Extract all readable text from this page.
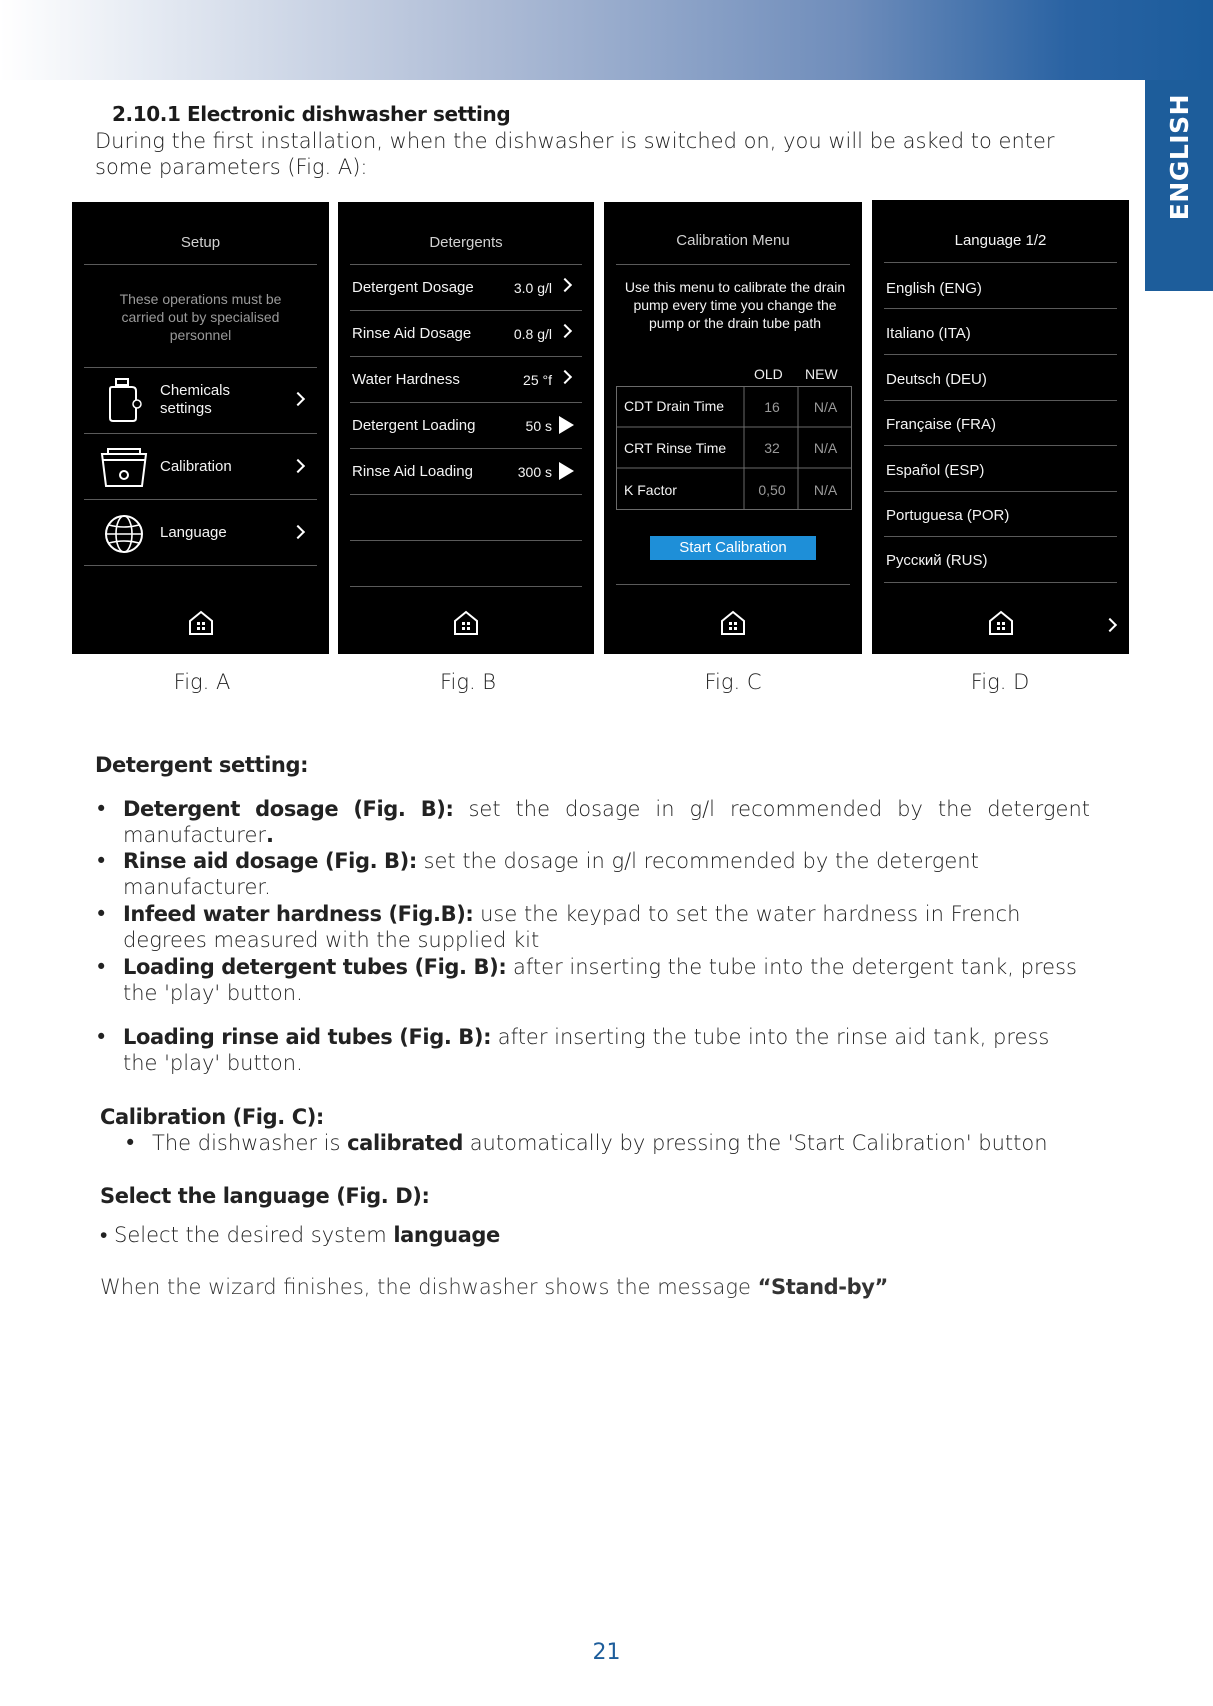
ENGLISH
2.10.1 Electronic dishwasher setting
During the first installation, when the dishwasher is switched on, you will be asked to enter some parameters (Fig. A):
Setup
These operations must be carried out by specialised personnel
Chemicals settings
Calibration
Language
Detergents
Detergent Dosage	3.0 g/l
Rinse Aid Dosage	0.8 g/l
Water Hardness	25 °f
Detergent Loading	50 s
Rinse Aid Loading	300 s
Calibration Menu
Use this menu to calibrate the drain pump every time you change the pump or the drain tube path
OLD NEW
CDT Drain Time	16	N/A
CRT Rinse Time	32	N/A
K Factor	0,50	N/A
Start Calibration
Language 1/2
English (ENG)
Italiano (ITA)
Deutsch (DEU)
Française (FRA)
Español (ESP)
Portuguesa (POR)
Русский (RUS)
Fig. A	Fig. B	Fig. C	Fig. D
Detergent setting:
• Detergent dosage (Fig. B): set the dosage in g/l recommended by the detergent manufacturer.
• Rinse aid dosage (Fig. B): set the dosage in g/l recommended by the detergent manufacturer.
• Infeed water hardness (Fig.B): use the keypad to set the water hardness in French degrees measured with the supplied kit
• Loading detergent tubes (Fig. B): after inserting the tube into the detergent tank, press the 'play' button.
• Loading rinse aid tubes (Fig. B): after inserting the tube into the rinse aid tank, press the 'play' button.
Calibration (Fig. C):
• The dishwasher is calibrated automatically by pressing the 'Start Calibration' button
Select the language (Fig. D):
• Select the desired system language
When the wizard finishes, the dishwasher shows the message “Stand-by”
21
